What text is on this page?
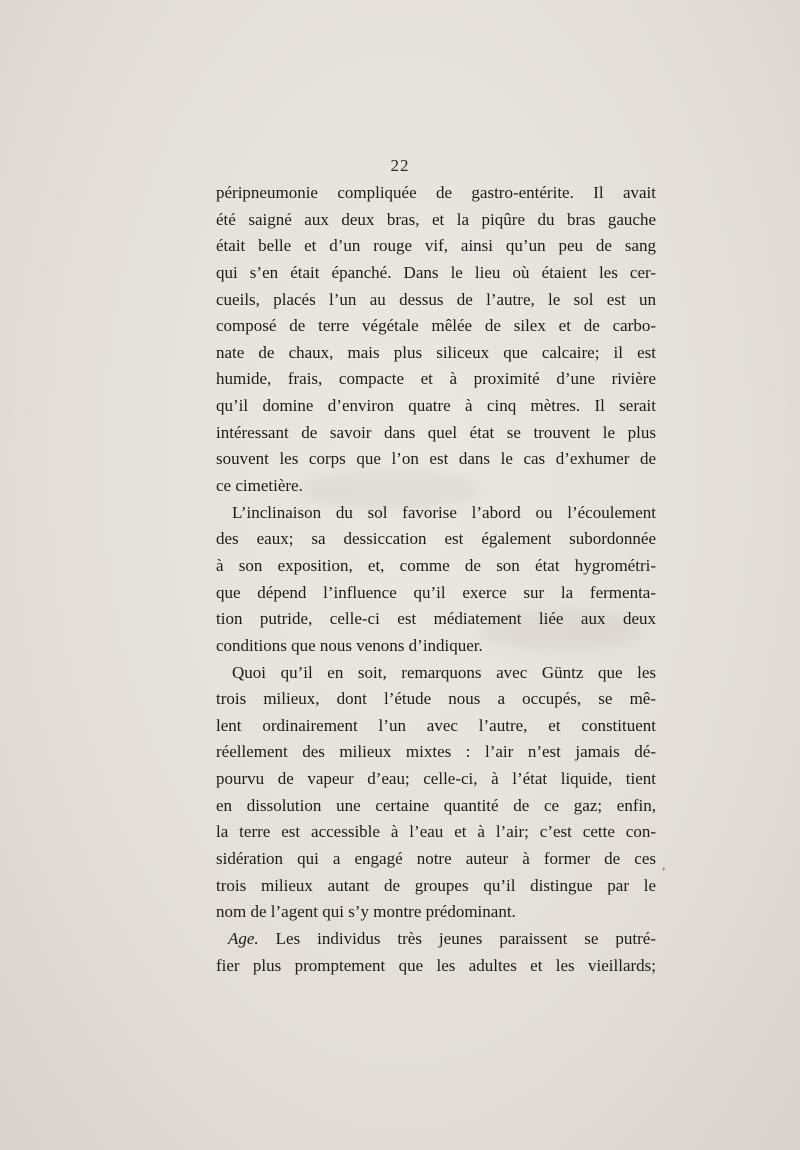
22
péripneumonie compliquée de gastro-entérite. Il avait
été saigné aux deux bras, et la piqûre du bras gauche
était belle et d’un rouge vif, ainsi qu’un peu de sang
qui s’en était épanché. Dans le lieu où étaient les cer-
cueils, placés l’un au dessus de l’autre, le sol est un
composé de terre végétale mêlée de silex et de carbo-
nate de chaux, mais plus siliceux que calcaire; il est
humide, frais, compacte et à proximité d’une rivière
qu’il domine d’environ quatre à cinq mètres. Il serait
intéressant de savoir dans quel état se trouvent le plus
souvent les corps que l’on est dans le cas d’exhumer de
ce cimetière.
L’inclinaison du sol favorise l’abord ou l’écoulement
des eaux; sa dessiccation est également subordonnée
à son exposition, et, comme de son état hygrométri-
que dépend l’influence qu’il exerce sur la fermenta-
tion putride, celle-ci est médiatement liée aux deux
conditions que nous venons d’indiquer.
Quoi qu’il en soit, remarquons avec Güntz que les
trois milieux, dont l’étude nous a occupés, se mê-
lent ordinairement l’un avec l’autre, et constituent
réellement des milieux mixtes : l’air n’est jamais dé-
pourvu de vapeur d’eau; celle-ci, à l’état liquide, tient
en dissolution une certaine quantité de ce gaz; enfin,
la terre est accessible à l’eau et à l’air; c’est cette con-
sidération qui a engagé notre auteur à former de ces
trois milieux autant de groupes qu’il distingue par le
nom de l’agent qui s’y montre prédominant.
Age. Les individus très jeunes paraissent se putré-
fier plus promptement que les adultes et les vieillards;
,
